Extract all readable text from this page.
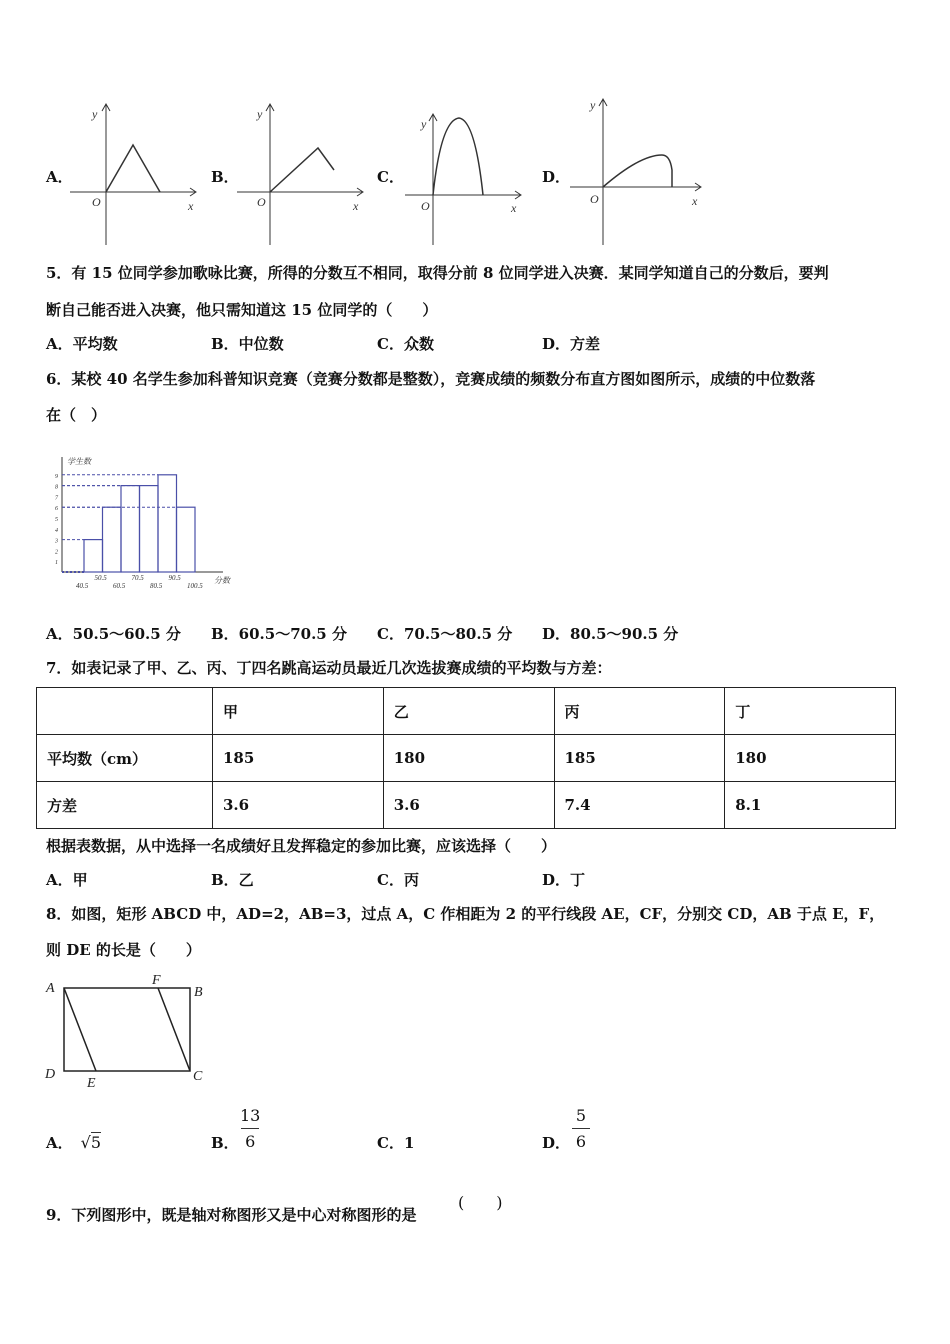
A．	B．	C．	D．
y
x
O
y
x
O
y
x
O
y
x
O
5．有 15 位同学参加歌咏比赛，所得的分数互不相同，取得分前 8 位同学进入决赛．某同学知道自己的分数后，要判
断自己能否进入决赛，他只需知道这 15 位同学的（　　）
A．平均数	B．中位数	C．众数	D．方差
6．某校 40 名学生参加科普知识竞赛（竞赛分数都是整数），竞赛成绩的频数分布直方图如图所示，成绩的中位数落
在（　）
学生数
分数
1
2
3
4
5
6
7
8
9
40.5
50.5
60.5
70.5
80.5
90.5
100.5
A．50.5～60.5 分 B．60.5～70.5 分 C．70.5～80.5 分 D．80.5～90.5 分
7．如表记录了甲、乙、丙、丁四名跳高运动员最近几次选拔赛成绩的平均数与方差：
	甲	乙	丙	丁
平均数（cm）	185	180	185	180
方差	3.6	3.6	7.4	8.1
根据表数据，从中选择一名成绩好且发挥稳定的参加比赛，应该选择（　　）
A．甲	B．乙	C．丙	D．丁
8．如图，矩形 ABCD 中，AD=2，AB=3，过点 A，C 作相距为 2 的平行线段 AE，CF，分别交 CD，AB 于点 E，F，
则 DE 的长是（　　）
A	B
C
D
E
F
A． √5	B．
13
6	C．1	D．
5
6
9．下列图形中，既是轴对称图形又是中心对称图形的是
(　　)
